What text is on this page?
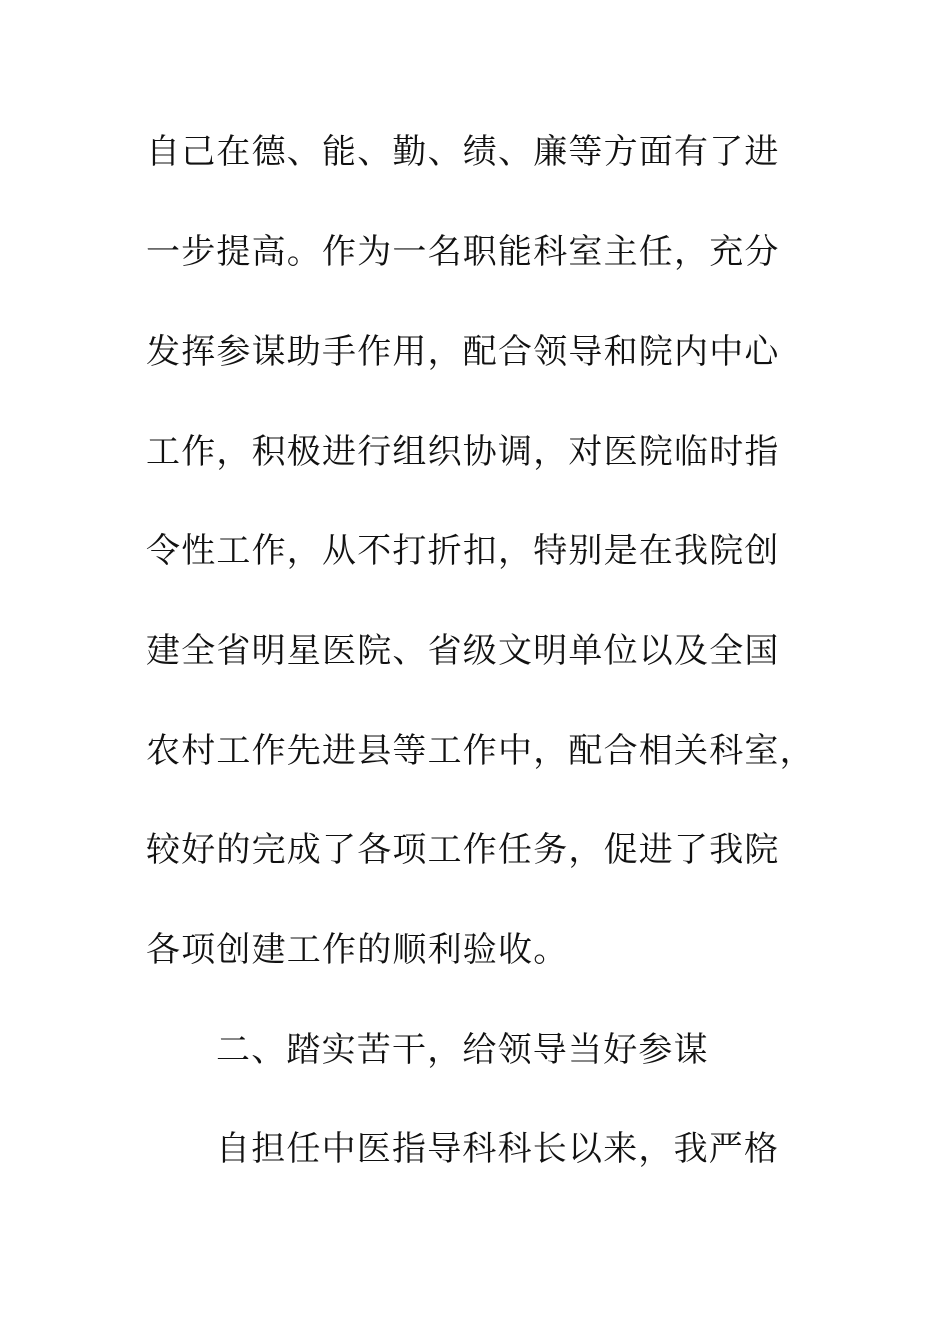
自己在德、能、勤、绩、廉等方面有了进
一步提高。作为一名职能科室主任，充分
发挥参谋助手作用，配合领导和院内中心
工作，积极进行组织协调，对医院临时指
令性工作，从不打折扣，特别是在我院创
建全省明星医院、省级文明单位以及全国
农村工作先进县等工作中，配合相关科室，
较好的完成了各项工作任务，促进了我院
各项创建工作的顺利验收。
二、踏实苦干，给领导当好参谋
自担任中医指导科科长以来，我严格
